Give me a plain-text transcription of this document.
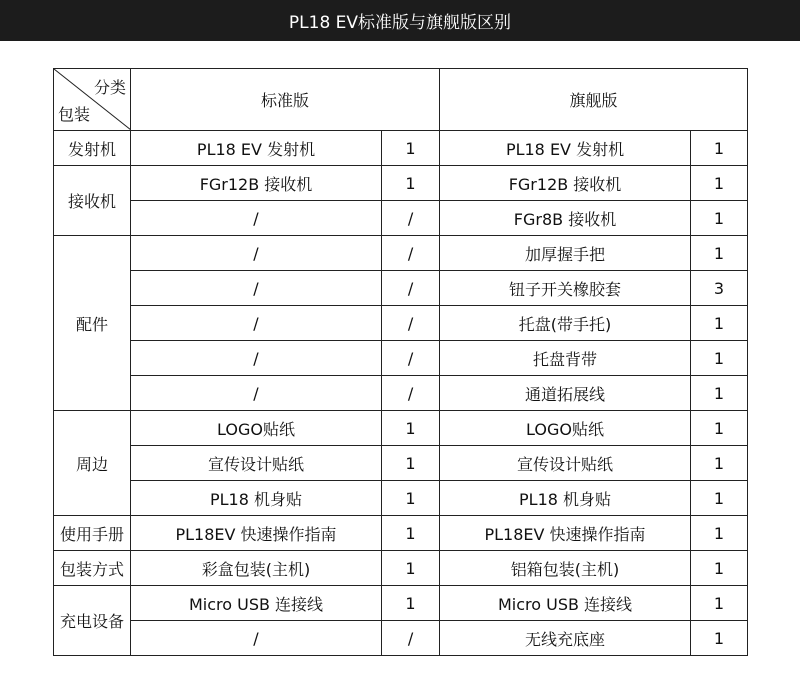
PL18 EV标准版与旗舰版区别
分类
包装	标准版		旗舰版	
发射机	PL18 EV 发射机	1	PL18 EV 发射机	1
接收机	FGr12B 接收机	1	FGr12B 接收机	1
	/	/	FGr8B 接收机	1
配件	/	/	加厚握手把	1
	/	/	钮子开关橡胶套	3
	/	/	托盘(带手托)	1
	/	/	托盘背带	1
	/	/	通道拓展线	1
周边	LOGO贴纸	1	LOGO贴纸	1
	宣传设计贴纸	1	宣传设计贴纸	1
	PL18 机身贴	1	PL18 机身贴	1
使用手册	PL18EV 快速操作指南	1	PL18EV 快速操作指南	1
包装方式	彩盒包装(主机)	1	铝箱包装(主机)	1
充电设备	Micro USB 连接线	1	Micro USB 连接线	1
	/	/	无线充底座	1
